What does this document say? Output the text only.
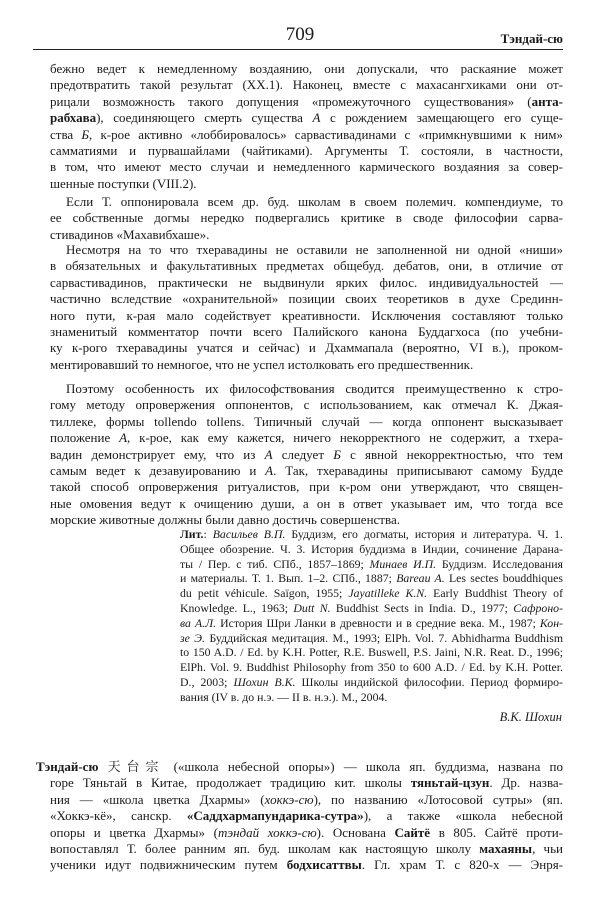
709	Тэндай-сю
бежно ведет к немедленному воздаянию, они допускали, что раскаяние может
предотвратить такой результат (XX.1). Наконец, вместе с махасангхиками они от-
рицали возможность такого допущения «промежуточного существования» (анта-
рабхава), соединяющего смерть существа А с рождением замещающего его суще-
ства Б, к-рое активно «лоббировалось» сарвастивадинами с «примкнувшими к ним»
самматиями и пурвашайлами (чайтиками). Аргументы Т. состояли, в частности,
в том, что имеют место случаи и немедленного кармического воздаяния за совер-
шенные поступки (VIII.2).
Если Т. оппонировала всем др. буд. школам в своем полемич. компендиуме, то
ее собственные догмы нередко подвергались критике в своде философии сарва-
стивадинов «Махавибхаше».
Несмотря на то что тхеравадины не оставили не заполненной ни одной «ниши»
в обязательных и факультативных предметах общебуд. дебатов, они, в отличие от
сарвастивадинов, практически не выдвинули ярких филос. индивидуальностей —
частично вследствие «охранительной» позиции своих теоретиков в духе Срединн-
ного пути, к-рая мало содействует креативности. Исключения составляют только
знаменитый комментатор почти всего Палийского канона Буддагхоса (по учебни-
ку к-рого тхеравадины учатся и сейчас) и Дхаммапала (вероятно, VI в.), проком-
ментировавший то немногое, что не успел истолковать его предшественник.
Поэтому особенность их философствования сводится преимущественно к стро-
гому методу опровержения оппонентов, с использованием, как отмечал К. Джая-
тиллеке, формы tollendo tollens. Типичный случай — когда оппонент высказывает
положение А, к-рое, как ему кажется, ничего некорректного не содержит, а тхера-
вадин демонстрирует ему, что из А следует Б с явной некорректностью, что тем
самым ведет к дезавуированию и А. Так, тхеравадины приписывают самому Будде
такой способ опровержения ритуалистов, при к-ром они утверждают, что священ-
ные омовения ведут к очищению души, а он в ответ указывает им, что тогда все
морские животные должны были давно достичь совершенства.
Лит.: Васильев В.П. Буддизм, его догматы, история и литература. Ч. 1.
Общее обозрение. Ч. 3. История буддизма в Индии, сочинение Даранa-
ты / Пер. с тиб. СПб., 1857–1869; Минаев И.П. Буддизм. Исследования
и материалы. Т. 1. Вып. 1–2. СПб., 1887; Bareau A. Les sectes bouddhiques
du petit véhicule. Saïgon, 1955; Jayatilleke K.N. Early Buddhist Theory of
Knowledge. L., 1963; Dutt N. Buddhist Sects in India. D., 1977; Сафроно-
ва А.Л. История Шри Ланки в древности и в средние века. М., 1987; Кон-
зе Э. Буддийская медитация. М., 1993; ElPh. Vol. 7. Abhidharma Buddhism
to 150 A.D. / Ed. by K.H. Potter, R.E. Buswell, P.S. Jaini, N.R. Reat. D., 1996;
ElPh. Vol. 9. Buddhist Philosophy from 350 to 600 A.D. / Ed. by K.H. Potter.
D., 2003; Шохин В.К. Школы индийской философии. Период формиро-
вания (IV в. до н.э. — II в. н.э.). М., 2004.
В.К. Шохин
Тэндай-сю 天台宗 («школа небесной опоры») — школа яп. буддизма, названа по
горе Тяньтай в Китае, продолжает традицию кит. школы тяньтай-цзун. Др. назва-
ния — «школа цветка Дхармы» (хоккэ-сю), по названию «Лотосовой сутры» (яп.
«Хоккэ-кё», санскр. «Саддхармапундарика-сутра»), а также «школа небесной
опоры и цветка Дхармы» (тэндай хоккэ-сю). Основана Сайтё в 805. Сайтё проти-
вопоставлял Т. более ранним яп. буд. школам как настоящую школу махаяны, чьи
ученики идут подвижническим путем бодхисаттвы. Гл. храм Т. с 820-х — Энря-
